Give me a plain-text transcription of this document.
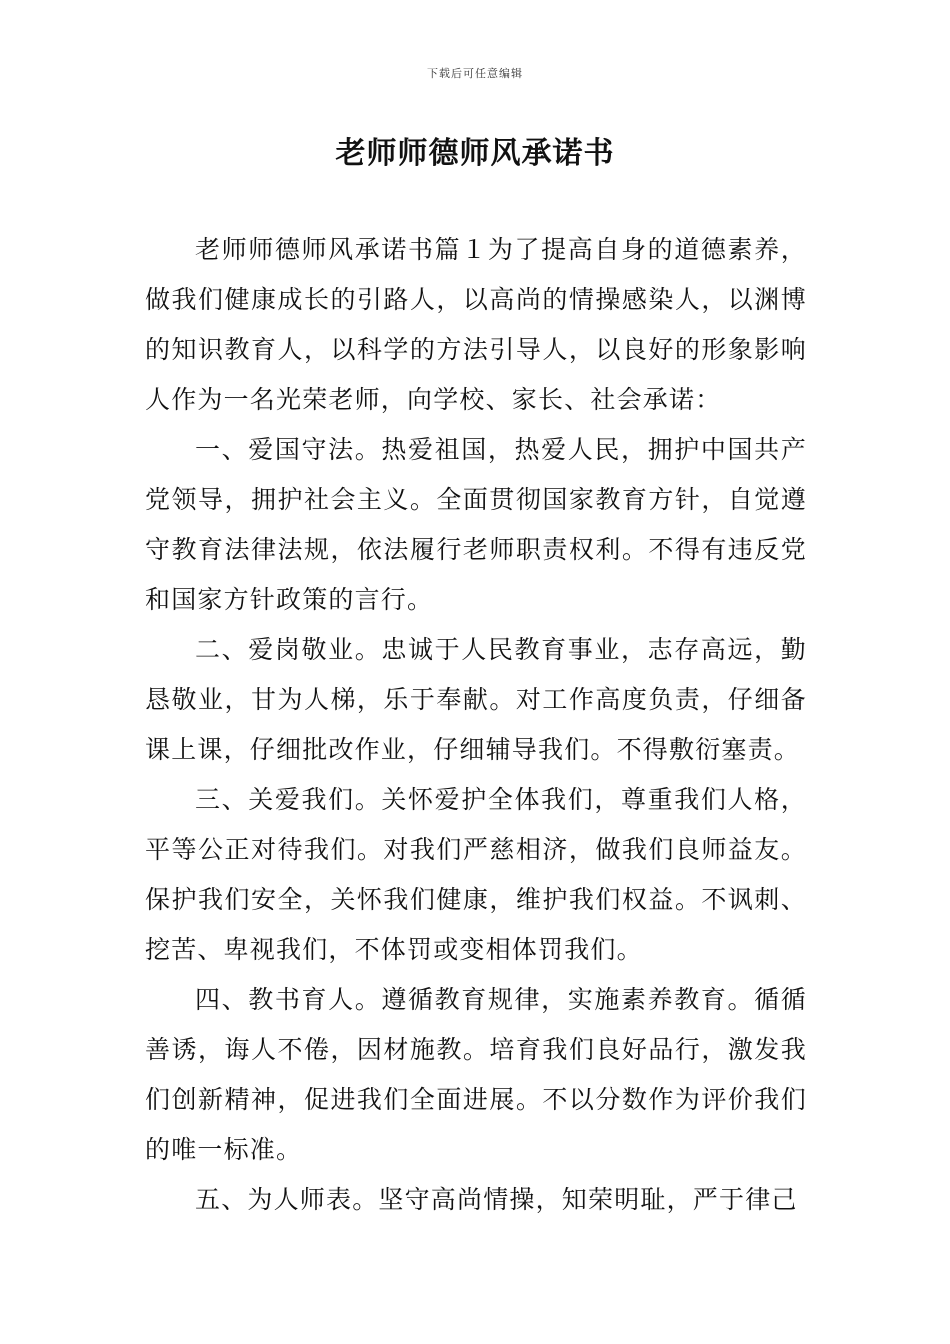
下载后可任意编辑
老师师德师风承诺书

老师师德师风承诺书篇１为了提高自身的道德素养，做我们健康成长的引路人，以高尚的情操感染人，以渊博的知识教育人，以科学的方法引导人，以良好的形象影响人作为一名光荣老师，向学校、家长、社会承诺：

一、爱国守法。热爱祖国，热爱人民，拥护中国共产党领导，拥护社会主义。全面贯彻国家教育方针，自觉遵守教育法律法规，依法履行老师职责权利。不得有违反党和国家方针政策的言行。

二、爱岗敬业。忠诚于人民教育事业，志存高远，勤恳敬业，甘为人梯，乐于奉献。对工作高度负责，仔细备课上课，仔细批改作业，仔细辅导我们。不得敷衍塞责。

三、关爱我们。关怀爱护全体我们，尊重我们人格，平等公正对待我们。对我们严慈相济，做我们良师益友。保护我们安全，关怀我们健康，维护我们权益。不讽刺、挖苦、卑视我们，不体罚或变相体罚我们。

四、教书育人。遵循教育规律，实施素养教育。循循善诱，诲人不倦，因材施教。培育我们良好品行，激发我们创新精神，促进我们全面进展。不以分数作为评价我们的唯一标准。

五、为人师表。坚守高尚情操，知荣明耻，严于律己
